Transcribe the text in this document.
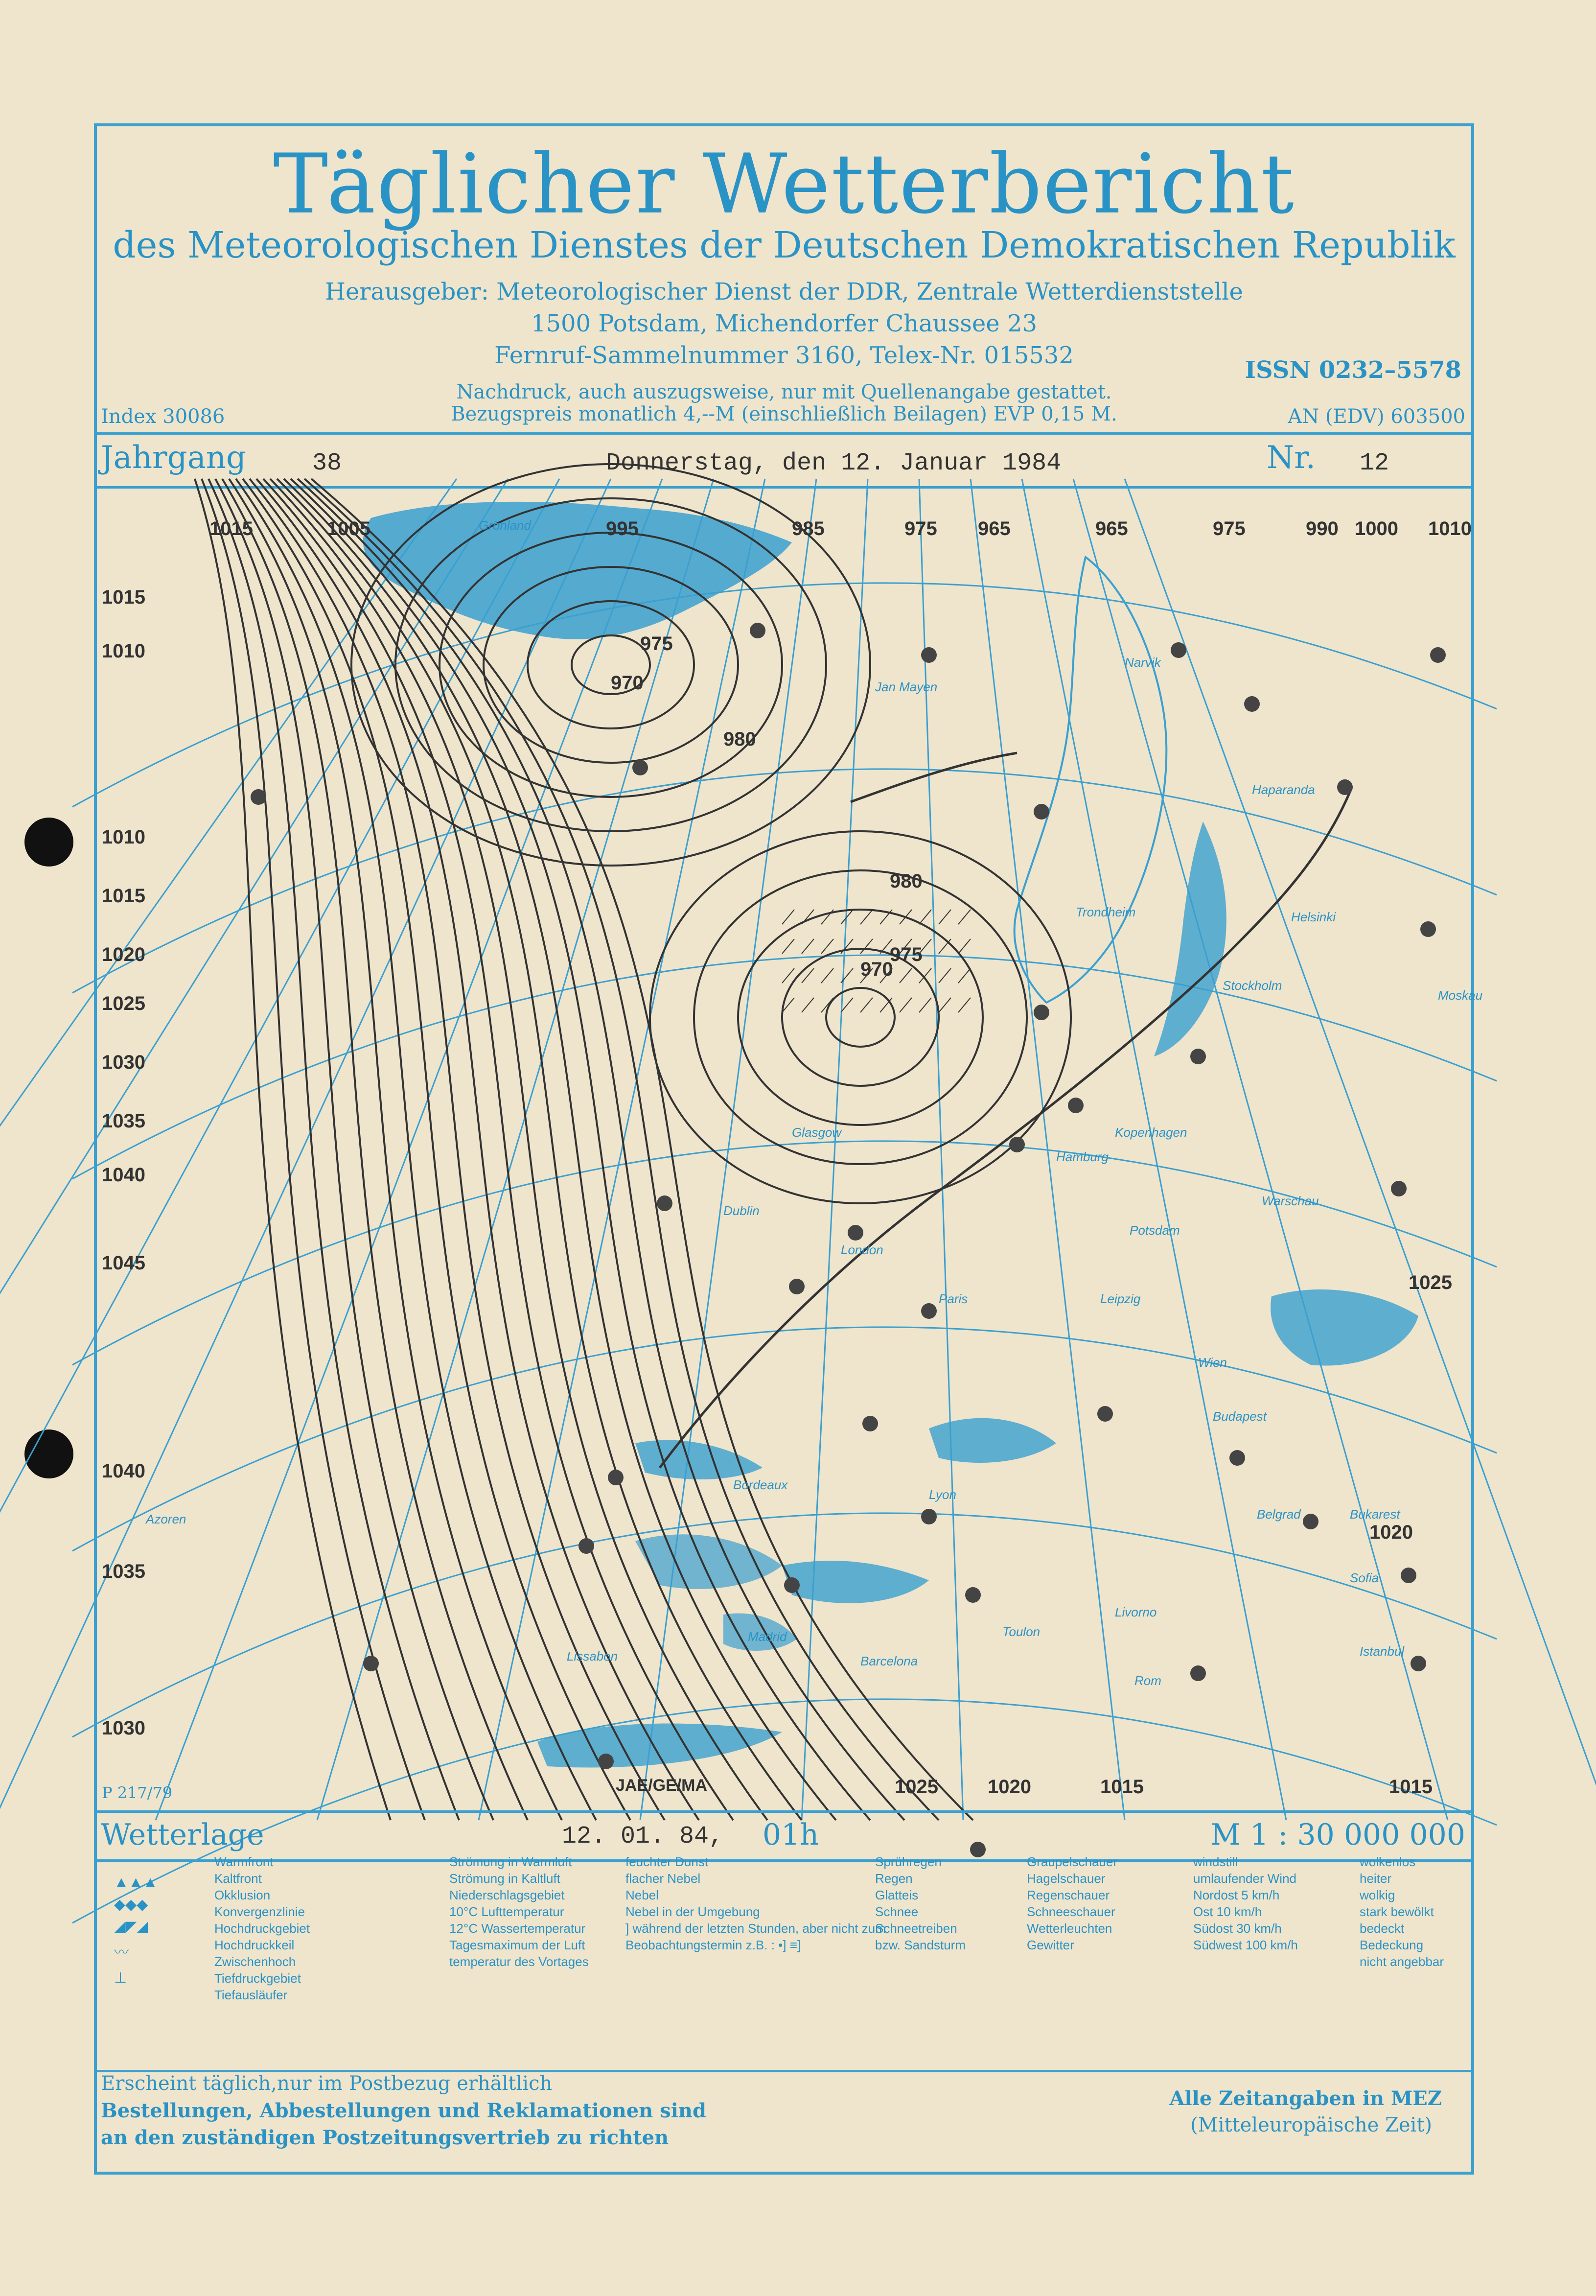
Täglicher Wetterbericht
des Meteorologischen Dienstes der Deutschen Demokratischen Republik
Herausgeber: Meteorologischer Dienst der DDR, Zentrale Wetterdienststelle
1500 Potsdam, Michendorfer Chaussee 23
Fernruf-Sammelnummer 3160, Telex-Nr. 015532
ISSN 0232–5578
Nachdruck, auch auszugsweise, nur mit Quellenangabe gestattet.
Bezugspreis monatlich 4,--M (einschließlich Beilagen) EVP 0,15 M.
Index 30086	AN (EDV) 603500
Jahrgang	38	Donnerstag, den 12. Januar 1984	Nr. 12
1015	1005	995	985	975 965	965	975	990 1000 1010
1015
1010
1010
1015
1020
1025
1030
1035
1040
1045
1040
1035
1030
1025
1020
1025	1020	1015	1015
975
970
980
980
970
975
Grönland
Jan Mayen
Narvik
Haparanda
Trondheim	Helsinki
Stockholm
Moskau
Glasgow
Dublin
Kopenhagen
Hamburg
Potsdam
Warschau
London
Paris	Leipzig
Wien
Budapest
Bordeaux
Lyon
Belgrad	Bukarest
Sofia
Istanbul
Madrid
Barcelona
Toulon
Livorno
Rom
Lissabon
Azoren
P 217/79	JAE/GE/MA
Wetterlage	12. 01. 84, 01h	M 1 : 30 000 000
Warmfront
Kaltfront
Okklusion
Konvergenzlinie
Hochdruckgebiet
Hochdruckkeil
Zwischenhoch
Tiefdruckgebiet
Tiefausläufer
Strömung in Warmluft
Strömung in Kaltluft
Niederschlagsgebiet
10°C Lufttemperatur
12°C Wassertemperatur
Tagesmaximum der Luft
temperatur des Vortages
feuchter Dunst
flacher Nebel
Nebel
Nebel in der Umgebung
] während der letzten Stunden, aber nicht zum
Beobachtungstermin z.B. : •] ≡]
Sprühregen
Regen
Glatteis
Schnee
Schneetreiben
bzw. Sandsturm
Graupelschauer
Hagelschauer
Regenschauer
Schneeschauer
Wetterleuchten
Gewitter
windstill
umlaufender Wind
Nordost 5 km/h
Ost 10 km/h
Südost 30 km/h
Südwest 100 km/h
wolkenlos
heiter
wolkig
stark bewölkt
bedeckt
Bedeckung
nicht angebbar
▲▲▲
◆◆◆
◢◤◢
〰
⊥
Erscheint täglich,nur im Postbezug erhältlich
Bestellungen, Abbestellungen und Reklamationen sind
an den zuständigen Postzeitungsvertrieb zu richten
Alle Zeitangaben in MEZ
(Mitteleuropäische Zeit)
